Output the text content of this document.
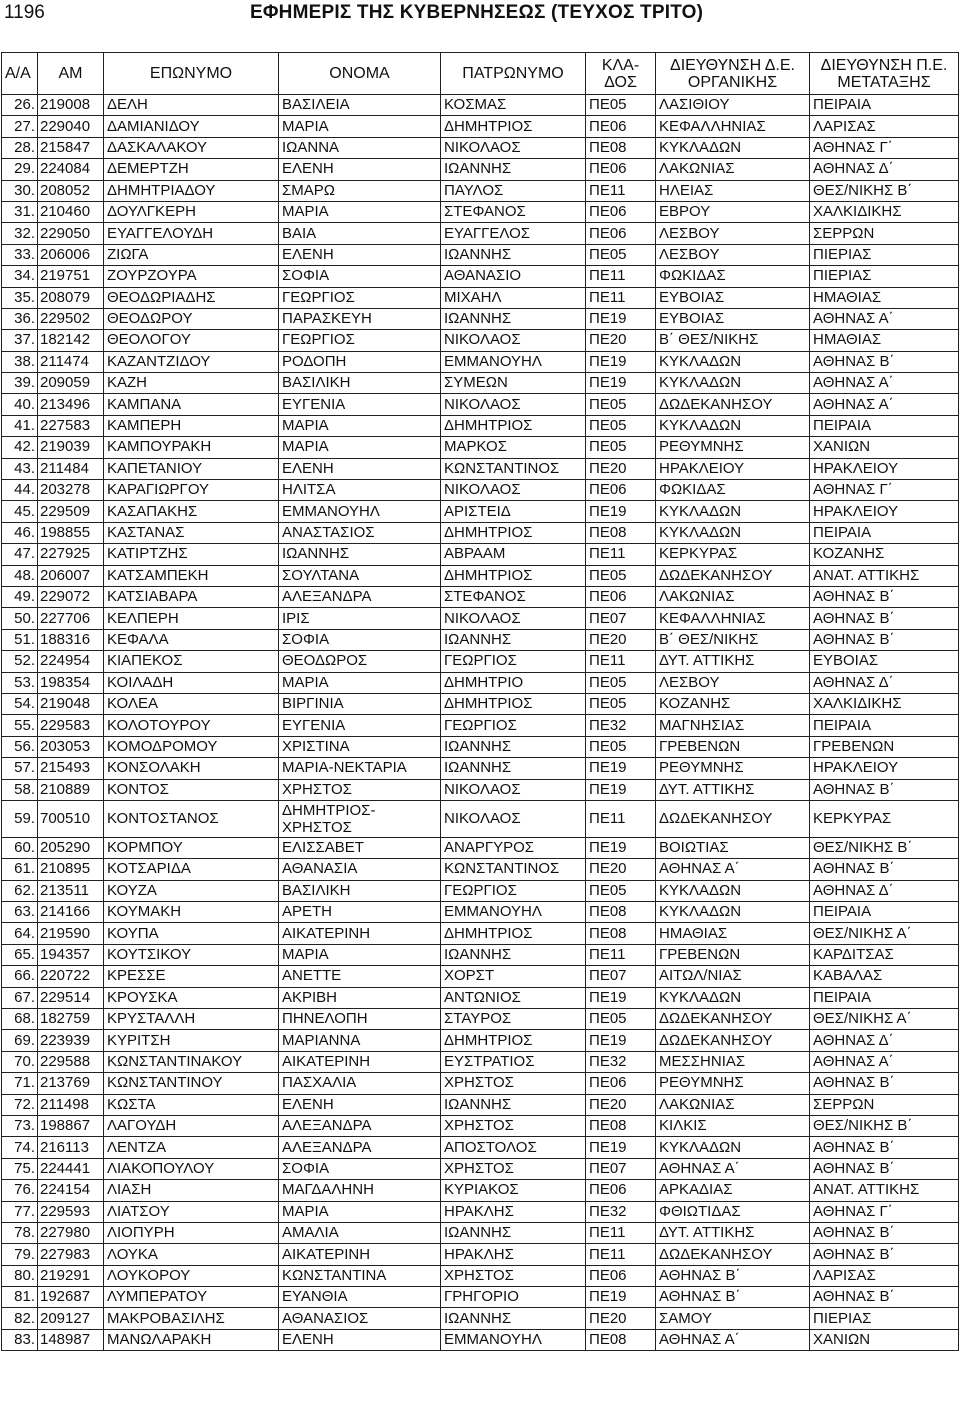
1196	ΕΦΗΜΕΡΙΣ ΤΗΣ ΚΥΒΕΡΝΗΣΕΩΣ (ΤΕΥΧΟΣ ΤΡΙΤΟ)
Α/Α	ΑΜ	ΕΠΩΝΥΜΟ	ΟΝΟΜΑ	ΠΑΤΡΩΝΥΜΟ	ΚΛΑ-ΔΟΣ	ΔΙΕΥΘΥΝΣΗ Δ.Ε. ΟΡΓΑΝΙΚΗΣ	ΔΙΕΥΘΥΝΣΗ Π.Ε. ΜΕΤΑΤΑΞΗΣ

26.	219008	ΔΕΛΗ	ΒΑΣΙΛΕΙΑ	ΚΟΣΜΑΣ	ΠΕ05	ΛΑΣΙΘΙΟΥ	ΠΕΙΡΑΙΑ
27.	229040	ΔΑΜΙΑΝΙΔΟΥ	ΜΑΡΙΑ	ΔΗΜΗΤΡΙΟΣ	ΠΕ06	ΚΕΦΑΛΛΗΝΙΑΣ	ΛΑΡΙΣΑΣ
28.	215847	ΔΑΣΚΑΛΑΚΟΥ	ΙΩΑΝΝΑ	ΝΙΚΟΛΑΟΣ	ΠΕ08	ΚΥΚΛΑΔΩΝ	ΑΘΗΝΑΣ Γ΄
29.	224084	ΔΕΜΕΡΤΖΗ	ΕΛΕΝΗ	ΙΩΑΝΝΗΣ	ΠΕ06	ΛΑΚΩΝΙΑΣ	ΑΘΗΝΑΣ Δ΄
30.	208052	ΔΗΜΗΤΡΙΑΔΟΥ	ΣΜΑΡΩ	ΠΑΥΛΟΣ	ΠΕ11	ΗΛΕΙΑΣ	ΘΕΣ/ΝΙΚΗΣ Β΄
31.	210460	ΔΟΥΛΓΚΕΡΗ	ΜΑΡΙΑ	ΣΤΕΦΑΝΟΣ	ΠΕ06	ΕΒΡΟΥ	ΧΑΛΚΙΔΙΚΗΣ
32.	229050	ΕΥΑΓΓΕΛΟΥΔΗ	ΒΑΙΑ	ΕΥΑΓΓΕΛΟΣ	ΠΕ06	ΛΕΣΒΟΥ	ΣΕΡΡΩΝ
33.	206006	ΖΙΩΓΑ	ΕΛΕΝΗ	ΙΩΑΝΝΗΣ	ΠΕ05	ΛΕΣΒΟΥ	ΠΙΕΡΙΑΣ
34.	219751	ΖΟΥΡΖΟΥΡΑ	ΣΟΦΙΑ	ΑΘΑΝΑΣΙΟ	ΠΕ11	ΦΩΚΙΔΑΣ	ΠΙΕΡΙΑΣ
35.	208079	ΘΕΟΔΩΡΙΑΔΗΣ	ΓΕΩΡΓΙΟΣ	ΜΙΧΑΗΛ	ΠΕ11	ΕΥΒΟΙΑΣ	ΗΜΑΘΙΑΣ
36.	229502	ΘΕΟΔΩΡΟΥ	ΠΑΡΑΣΚΕΥΗ	ΙΩΑΝΝΗΣ	ΠΕ19	ΕΥΒΟΙΑΣ	ΑΘΗΝΑΣ Α΄
37.	182142	ΘΕΟΛΟΓΟΥ	ΓΕΩΡΓΙΟΣ	ΝΙΚΟΛΑΟΣ	ΠΕ20	Β΄ ΘΕΣ/ΝΙΚΗΣ	ΗΜΑΘΙΑΣ
38.	211474	ΚΑΖΑΝΤΖΙΔΟΥ	ΡΟΔΟΠΗ	ΕΜΜΑΝΟΥΗΛ	ΠΕ19	ΚΥΚΛΑΔΩΝ	ΑΘΗΝΑΣ Β΄
39.	209059	ΚΑΖΗ	ΒΑΣΙΛΙΚΗ	ΣΥΜΕΩΝ	ΠΕ19	ΚΥΚΛΑΔΩΝ	ΑΘΗΝΑΣ Α΄
40.	213496	ΚΑΜΠΑΝΑ	ΕΥΓΕΝΙΑ	ΝΙΚΟΛΑΟΣ	ΠΕ05	ΔΩΔΕΚΑΝΗΣΟΥ	ΑΘΗΝΑΣ Α΄
41.	227583	ΚΑΜΠΕΡΗ	ΜΑΡΙΑ	ΔΗΜΗΤΡΙΟΣ	ΠΕ05	ΚΥΚΛΑΔΩΝ	ΠΕΙΡΑΙΑ
42.	219039	ΚΑΜΠΟΥΡΑΚΗ	ΜΑΡΙΑ	ΜΑΡΚΟΣ	ΠΕ05	ΡΕΘΥΜΝΗΣ	ΧΑΝΙΩΝ
43.	211484	ΚΑΠΕΤΑΝΙΟΥ	ΕΛΕΝΗ	ΚΩΝΣΤΑΝΤΙΝΟΣ	ΠΕ20	ΗΡΑΚΛΕΙΟΥ	ΗΡΑΚΛΕΙΟΥ
44.	203278	ΚΑΡΑΓΙΩΡΓΟΥ	ΗΛΙΤΣΑ	ΝΙΚΟΛΑΟΣ	ΠΕ06	ΦΩΚΙΔΑΣ	ΑΘΗΝΑΣ Γ΄
45.	229509	ΚΑΣΑΠΑΚΗΣ	ΕΜΜΑΝΟΥΗΛ	ΑΡΙΣΤΕΙΔ	ΠΕ19	ΚΥΚΛΑΔΩΝ	ΗΡΑΚΛΕΙΟΥ
46.	198855	ΚΑΣΤΑΝΑΣ	ΑΝΑΣΤΑΣΙΟΣ	ΔΗΜΗΤΡΙΟΣ	ΠΕ08	ΚΥΚΛΑΔΩΝ	ΠΕΙΡΑΙΑ
47.	227925	ΚΑΤΙΡΤΖΗΣ	ΙΩΑΝΝΗΣ	ΑΒΡΑΑΜ	ΠΕ11	ΚΕΡΚΥΡΑΣ	ΚΟΖΑΝΗΣ
48.	206007	ΚΑΤΣΑΜΠΕΚΗ	ΣΟΥΛΤΑΝΑ	ΔΗΜΗΤΡΙΟΣ	ΠΕ05	ΔΩΔΕΚΑΝΗΣΟΥ	ΑΝΑΤ. ΑΤΤΙΚΗΣ
49.	229072	ΚΑΤΣΙΑΒΑΡΑ	ΑΛΕΞΑΝΔΡΑ	ΣΤΕΦΑΝΟΣ	ΠΕ06	ΛΑΚΩΝΙΑΣ	ΑΘΗΝΑΣ Β΄
50.	227706	ΚΕΛΠΕΡΗ	ΙΡΙΣ	ΝΙΚΟΛΑΟΣ	ΠΕ07	ΚΕΦΑΛΛΗΝΙΑΣ	ΑΘΗΝΑΣ Β΄
51.	188316	ΚΕΦΑΛΑ	ΣΟΦΙΑ	ΙΩΑΝΝΗΣ	ΠΕ20	Β΄ ΘΕΣ/ΝΙΚΗΣ	ΑΘΗΝΑΣ Β΄
52.	224954	ΚΙΑΠΕΚΟΣ	ΘΕΟΔΩΡΟΣ	ΓΕΩΡΓΙΟΣ	ΠΕ11	ΔΥΤ. ΑΤΤΙΚΗΣ	ΕΥΒΟΙΑΣ
53.	198354	ΚΟΙΛΑΔΗ	ΜΑΡΙΑ	ΔΗΜΗΤΡΙΟ	ΠΕ05	ΛΕΣΒΟΥ	ΑΘΗΝΑΣ Δ΄
54.	219048	ΚΟΛΕΑ	ΒΙΡΓΙΝΙΑ	ΔΗΜΗΤΡΙΟΣ	ΠΕ05	ΚΟΖΑΝΗΣ	ΧΑΛΚΙΔΙΚΗΣ
55.	229583	ΚΟΛΟΤΟΥΡΟΥ	ΕΥΓΕΝΙΑ	ΓΕΩΡΓΙΟΣ	ΠΕ32	ΜΑΓΝΗΣΙΑΣ	ΠΕΙΡΑΙΑ
56.	203053	ΚΟΜΟΔΡΟΜΟΥ	ΧΡΙΣΤΙΝΑ	ΙΩΑΝΝΗΣ	ΠΕ05	ΓΡΕΒΕΝΩΝ	ΓΡΕΒΕΝΩΝ
57.	215493	ΚΟΝΣΟΛΑΚΗ	ΜΑΡΙΑ-ΝΕΚΤΑΡΙΑ	ΙΩΑΝΝΗΣ	ΠΕ19	ΡΕΘΥΜΝΗΣ	ΗΡΑΚΛΕΙΟΥ
58.	210889	ΚΟΝΤΟΣ	ΧΡΗΣΤΟΣ	ΝΙΚΟΛΑΟΣ	ΠΕ19	ΔΥΤ. ΑΤΤΙΚΗΣ	ΑΘΗΝΑΣ Β΄
59.	700510	ΚΟΝΤΟΣΤΑΝΟΣ	ΔΗΜΗΤΡΙΟΣ-ΧΡΗΣΤΟΣ	ΝΙΚΟΛΑΟΣ	ΠΕ11	ΔΩΔΕΚΑΝΗΣΟΥ	ΚΕΡΚΥΡΑΣ
60.	205290	ΚΟΡΜΠΟΥ	ΕΛΙΣΣΑΒΕΤ	ΑΝΑΡΓΥΡΟΣ	ΠΕ19	ΒΟΙΩΤΙΑΣ	ΘΕΣ/ΝΙΚΗΣ Β΄
61.	210895	ΚΟΤΣΑΡΙΔΑ	ΑΘΑΝΑΣΙΑ	ΚΩΝΣΤΑΝΤΙΝΟΣ	ΠΕ20	ΑΘΗΝΑΣ Α΄	ΑΘΗΝΑΣ Β΄
62.	213511	ΚΟΥΖΑ	ΒΑΣΙΛΙΚΗ	ΓΕΩΡΓΙΟΣ	ΠΕ05	ΚΥΚΛΑΔΩΝ	ΑΘΗΝΑΣ Δ΄
63.	214166	ΚΟΥΜΑΚΗ	ΑΡΕΤΗ	ΕΜΜΑΝΟΥΗΛ	ΠΕ08	ΚΥΚΛΑΔΩΝ	ΠΕΙΡΑΙΑ
64.	219590	ΚΟΥΠΑ	ΑΙΚΑΤΕΡΙΝΗ	ΔΗΜΗΤΡΙΟΣ	ΠΕ08	ΗΜΑΘΙΑΣ	ΘΕΣ/ΝΙΚΗΣ Α΄
65.	194357	ΚΟΥΤΣΙΚΟΥ	ΜΑΡΙΑ	ΙΩΑΝΝΗΣ	ΠΕ11	ΓΡΕΒΕΝΩΝ	ΚΑΡΔΙΤΣΑΣ
66.	220722	ΚΡΕΣΣΕ	ΑΝΕΤΤΕ	ΧΟΡΣΤ	ΠΕ07	ΑΙΤΩΛ/ΝΙΑΣ	ΚΑΒΑΛΑΣ
67.	229514	ΚΡΟΥΣΚΑ	ΑΚΡΙΒΗ	ΑΝΤΩΝΙΟΣ	ΠΕ19	ΚΥΚΛΑΔΩΝ	ΠΕΙΡΑΙΑ
68.	182759	ΚΡΥΣΤΑΛΛΗ	ΠΗΝΕΛΟΠΗ	ΣΤΑΥΡΟΣ	ΠΕ05	ΔΩΔΕΚΑΝΗΣΟΥ	ΘΕΣ/ΝΙΚΗΣ Α΄
69.	223939	ΚΥΡΙΤΣΗ	ΜΑΡΙΑΝΝΑ	ΔΗΜΗΤΡΙΟΣ	ΠΕ19	ΔΩΔΕΚΑΝΗΣΟΥ	ΑΘΗΝΑΣ Δ΄
70.	229588	ΚΩΝΣΤΑΝΤΙΝΑΚΟΥ	ΑΙΚΑΤΕΡΙΝΗ	ΕΥΣΤΡΑΤΙΟΣ	ΠΕ32	ΜΕΣΣΗΝΙΑΣ	ΑΘΗΝΑΣ Α΄
71.	213769	ΚΩΝΣΤΑΝΤΙΝΟΥ	ΠΑΣΧΑΛΙΑ	ΧΡΗΣΤΟΣ	ΠΕ06	ΡΕΘΥΜΝΗΣ	ΑΘΗΝΑΣ Β΄
72.	211498	ΚΩΣΤΑ	ΕΛΕΝΗ	ΙΩΑΝΝΗΣ	ΠΕ20	ΛΑΚΩΝΙΑΣ	ΣΕΡΡΩΝ
73.	198867	ΛΑΓΟΥΔΗ	ΑΛΕΞΑΝΔΡΑ	ΧΡΗΣΤΟΣ	ΠΕ08	ΚΙΛΚΙΣ	ΘΕΣ/ΝΙΚΗΣ Β΄
74.	216113	ΛΕΝΤΖΑ	ΑΛΕΞΑΝΔΡΑ	ΑΠΟΣΤΟΛΟΣ	ΠΕ19	ΚΥΚΛΑΔΩΝ	ΑΘΗΝΑΣ Β΄
75.	224441	ΛΙΑΚΟΠΟΥΛΟΥ	ΣΟΦΙΑ	ΧΡΗΣΤΟΣ	ΠΕ07	ΑΘΗΝΑΣ Α΄	ΑΘΗΝΑΣ Β΄
76.	224154	ΛΙΑΣΗ	ΜΑΓΔΑΛΗΝΗ	ΚΥΡΙΑΚΟΣ	ΠΕ06	ΑΡΚΑΔΙΑΣ	ΑΝΑΤ. ΑΤΤΙΚΗΣ
77.	229593	ΛΙΑΤΣΟΥ	ΜΑΡΙΑ	ΗΡΑΚΛΗΣ	ΠΕ32	ΦΘΙΩΤΙΔΑΣ	ΑΘΗΝΑΣ Γ΄
78.	227980	ΛΙΟΠΥΡΗ	ΑΜΑΛΙΑ	ΙΩΑΝΝΗΣ	ΠΕ11	ΔΥΤ. ΑΤΤΙΚΗΣ	ΑΘΗΝΑΣ Β΄
79.	227983	ΛΟΥΚΑ	ΑΙΚΑΤΕΡΙΝΗ	ΗΡΑΚΛΗΣ	ΠΕ11	ΔΩΔΕΚΑΝΗΣΟΥ	ΑΘΗΝΑΣ Β΄
80.	219291	ΛΟΥΚΟΡΟΥ	ΚΩΝΣΤΑΝΤΙΝΑ	ΧΡΗΣΤΟΣ	ΠΕ06	ΑΘΗΝΑΣ Β΄	ΛΑΡΙΣΑΣ
81.	192687	ΛΥΜΠΕΡΑΤΟΥ	ΕΥΑΝΘΙΑ	ΓΡΗΓΟΡΙΟ	ΠΕ19	ΑΘΗΝΑΣ Β΄	ΑΘΗΝΑΣ Β΄
82.	209127	ΜΑΚΡΟΒΑΣΙΛΗΣ	ΑΘΑΝΑΣΙΟΣ	ΙΩΑΝΝΗΣ	ΠΕ20	ΣΑΜΟΥ	ΠΙΕΡΙΑΣ
83.	148987	ΜΑΝΩΛΑΡΑΚΗ	ΕΛΕΝΗ	ΕΜΜΑΝΟΥΗΛ	ΠΕ08	ΑΘΗΝΑΣ Α΄	ΧΑΝΙΩΝ
